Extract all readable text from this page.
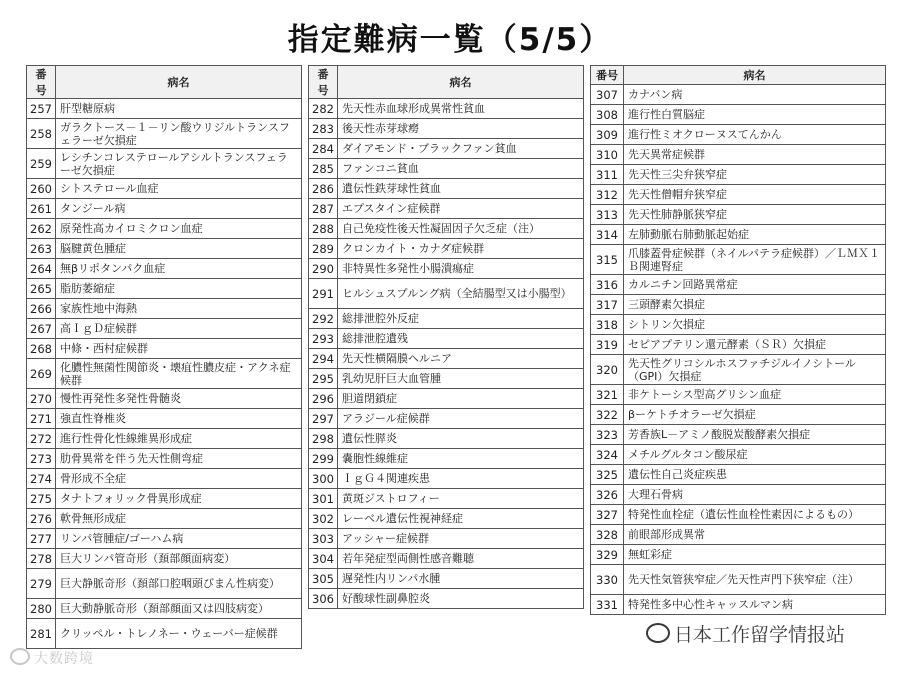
指定難病一覧（5/5）
番号	病名
257	肝型糖原病
258	ガラクトース－１－リン酸ウリジルトランスフェラーゼ欠損症
259	レシチンコレステロールアシルトランスフェラーゼ欠損症
260	シトステロール血症
261	タンジール病
262	原発性高カイロミクロン血症
263	脳腱黄色腫症
264	無βリポタンパク血症
265	脂肪萎縮症
266	家族性地中海熱
267	高ＩｇＤ症候群
268	中條・西村症候群
269	化膿性無菌性関節炎・壊疽性膿皮症・アクネ症候群
270	慢性再発性多発性骨髄炎
271	強直性脊椎炎
272	進行性骨化性線維異形成症
273	肋骨異常を伴う先天性側弯症
274	骨形成不全症
275	タナトフォリック骨異形成症
276	軟骨無形成症
277	リンパ管腫症/ゴーハム病
278	巨大リンパ管奇形（頚部顔面病変）
279	巨大静脈奇形（頚部口腔咽頭びまん性病変）
280	巨大動静脈奇形（頚部顔面又は四肢病変）
281	クリッペル・トレノネー・ウェーバー症候群
番号	病名
282	先天性赤血球形成異常性貧血
283	後天性赤芽球癆
284	ダイアモンド・ブラックファン貧血
285	ファンコニ貧血
286	遺伝性鉄芽球性貧血
287	エプスタイン症候群
288	自己免疫性後天性凝固因子欠乏症（注）
289	クロンカイト・カナダ症候群
290	非特異性多発性小腸潰瘍症
291	ヒルシュスプルング病（全結腸型又は小腸型）
292	総排泄腔外反症
293	総排泄腔遺残
294	先天性横隔膜ヘルニア
295	乳幼児肝巨大血管腫
296	胆道閉鎖症
297	アラジール症候群
298	遺伝性膵炎
299	嚢胞性線維症
300	ＩｇＧ４関連疾患
301	黄斑ジストロフィー
302	レーベル遺伝性視神経症
303	アッシャー症候群
304	若年発症型両側性感音難聴
305	遅発性内リンパ水腫
306	好酸球性副鼻腔炎
番号	病名
307	カナバン病
308	進行性白質脳症
309	進行性ミオクローヌスてんかん
310	先天異常症候群
311	先天性三尖弁狭窄症
312	先天性僧帽弁狭窄症
313	先天性肺静脈狭窄症
314	左肺動脈右肺動脈起始症
315	爪膝蓋骨症候群（ネイルパテラ症候群）／ＬＭＸ１Ｂ関連腎症
316	カルニチン回路異常症
317	三頭酵素欠損症
318	シトリン欠損症
319	セピアプテリン還元酵素（ＳＲ）欠損症
320	先天性グリコシルホスファチジルイノシトール（GPI）欠損症
321	非ケトーシス型高グリシン血症
322	βーケトチオラーゼ欠損症
323	芳香族L－アミノ酸脱炭酸酵素欠損症
324	メチルグルタコン酸尿症
325	遺伝性自己炎症疾患
326	大理石骨病
327	特発性血栓症（遺伝性血栓性素因によるもの）
328	前眼部形成異常
329	無虹彩症
330	先天性気管狭窄症／先天性声門下狭窄症（注）
331	特発性多中心性キャッスルマン病
大数跨境
日本工作留学情报站
